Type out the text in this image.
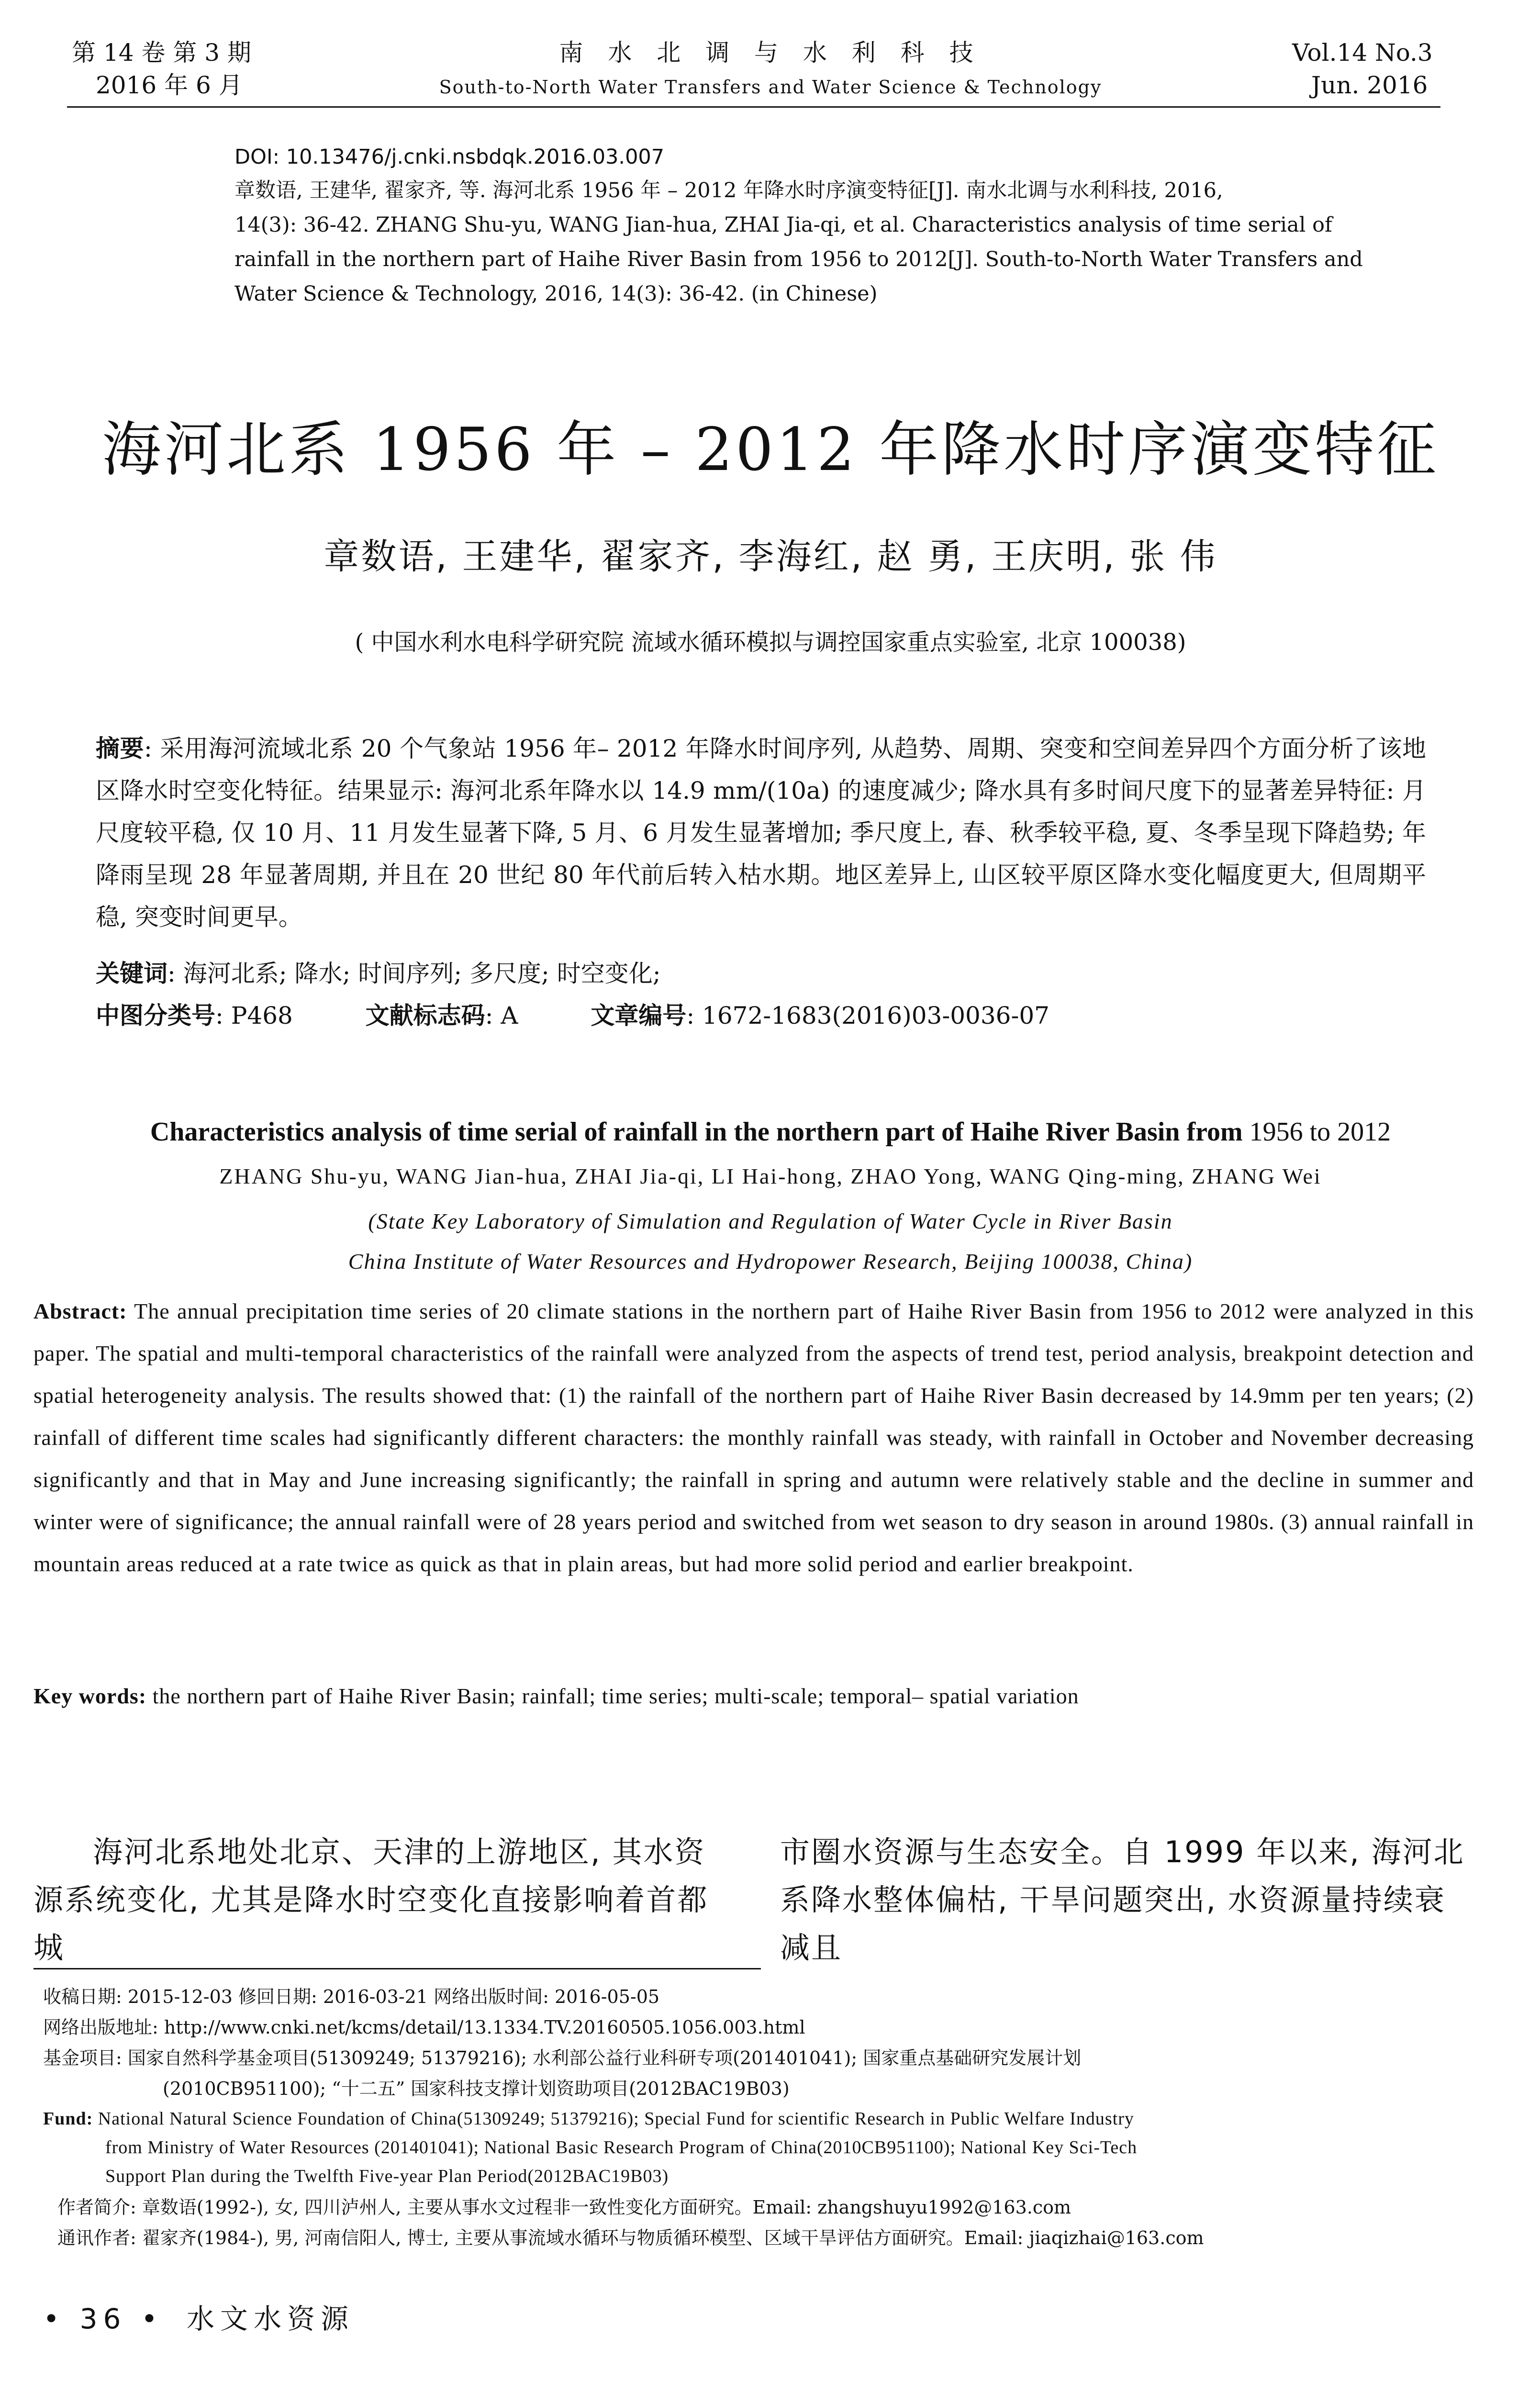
第 14 卷 第 3 期
2016 年 6 月
南 水 北 调 与 水 利 科 技
South-to-North Water Transfers and Water Science & Technology
Vol.14 No.3
Jun. 2016
DOI: 10.13476/j.cnki.nsbdqk.2016.03.007
章数语, 王建华, 翟家齐, 等. 海河北系 1956 年 – 2012 年降水时序演变特征[J]. 南水北调与水利科技, 2016,
14(3): 36-42. ZHANG Shu-yu, WANG Jian-hua, ZHAI Jia-qi, et al. Characteristics analysis of time serial of
rainfall in the northern part of Haihe River Basin from 1956 to 2012[J]. South-to-North Water Transfers and
Water Science & Technology, 2016, 14(3): 36-42. (in Chinese)
海河北系 1956 年 – 2012 年降水时序演变特征
章数语, 王建华, 翟家齐, 李海红, 赵 勇, 王庆明, 张 伟
( 中国水利水电科学研究院 流域水循环模拟与调控国家重点实验室, 北京 100038)
摘要: 采用海河流域北系 20 个气象站 1956 年– 2012 年降水时间序列, 从趋势、周期、突变和空间差异四个方面分析了该地区降水时空变化特征。结果显示: 海河北系年降水以 14.9 mm/(10a) 的速度减少; 降水具有多时间尺度下的显著差异特征: 月尺度较平稳, 仅 10 月、11 月发生显著下降, 5 月、6 月发生显著增加; 季尺度上, 春、秋季较平稳, 夏、冬季呈现下降趋势; 年降雨呈现 28 年显著周期, 并且在 20 世纪 80 年代前后转入枯水期。地区差异上, 山区较平原区降水变化幅度更大, 但周期平稳, 突变时间更早。
关键词: 海河北系; 降水; 时间序列; 多尺度; 时空变化;
中图分类号: P468	文献标志码: A	文章编号: 1672-1683(2016)03-0036-07
Characteristics analysis of time serial of rainfall in the northern part of Haihe River Basin from 1956 to 2012
ZHANG Shu-yu, WANG Jian-hua, ZHAI Jia-qi, LI Hai-hong, ZHAO Yong, WANG Qing-ming, ZHANG Wei
(State Key Laboratory of Simulation and Regulation of Water Cycle in River Basin
China Institute of Water Resources and Hydropower Research, Beijing 100038, China)
Abstract: The annual precipitation time series of 20 climate stations in the northern part of Haihe River Basin from 1956 to 2012 were analyzed in this paper. The spatial and multi-temporal characteristics of the rainfall were analyzed from the aspects of trend test, period analysis, breakpoint detection and spatial heterogeneity analysis. The results showed that: (1) the rainfall of the northern part of Haihe River Basin decreased by 14.9mm per ten years; (2) rainfall of different time scales had significantly different characters: the monthly rainfall was steady, with rainfall in October and November decreasing significantly and that in May and June increasing significantly; the rainfall in spring and autumn were relatively stable and the decline in summer and winter were of significance; the annual rainfall were of 28 years period and switched from wet season to dry season in around 1980s. (3) annual rainfall in mountain areas reduced at a rate twice as quick as that in plain areas, but had more solid period and earlier breakpoint.
Key words: the northern part of Haihe River Basin; rainfall; time series; multi-scale; temporal– spatial variation
海河北系地处北京、天津的上游地区, 其水资源系统变化, 尤其是降水时空变化直接影响着首都城
市圈水资源与生态安全。自 1999 年以来, 海河北系降水整体偏枯, 干旱问题突出, 水资源量持续衰减且
收稿日期: 2015-12-03 修回日期: 2016-03-21 网络出版时间: 2016-05-05
网络出版地址: http://www.cnki.net/kcms/detail/13.1334.TV.20160505.1056.003.html
基金项目: 国家自然科学基金项目(51309249; 51379216); 水利部公益行业科研专项(201401041); 国家重点基础研究发展计划
(2010CB951100); “十二五” 国家科技支撑计划资助项目(2012BAC19B03)
Fund: National Natural Science Foundation of China(51309249; 51379216); Special Fund for scientific Research in Public Welfare Industry
from Ministry of Water Resources (201401041); National Basic Research Program of China(2010CB951100); National Key Sci-Tech
Support Plan during the Twelfth Five-year Plan Period(2012BAC19B03)
作者简介: 章数语(1992-), 女, 四川泸州人, 主要从事水文过程非一致性变化方面研究。Email: zhangshuyu1992@163.com
通讯作者: 翟家齐(1984-), 男, 河南信阳人, 博士, 主要从事流域水循环与物质循环模型、区域干旱评估方面研究。Email: jiaqizhai@163.com
• 36 • 水文水资源
